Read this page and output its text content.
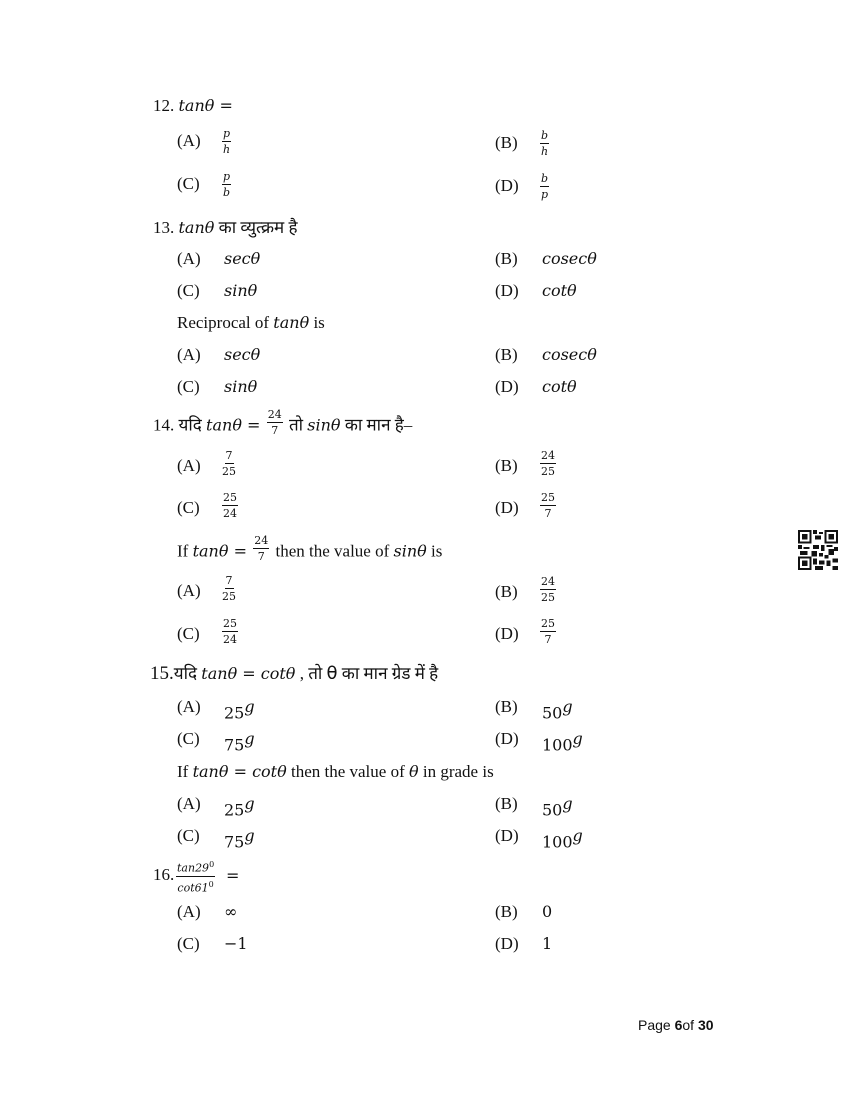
12. tanθ =
$(A) \frac{p}{h}$	$(B) \frac{b}{h}$
$(C) \frac{p}{b}$	$(D) \frac{b}{p}$
13. tanθ का व्युत्क्रम है
(A) secθ	(B) cosecθ
(C) sinθ	(D) cotθ
Reciprocal of tanθ is
(A) secθ	(B) cosecθ
(C) sinθ	(D) cotθ
14. यदि $\tan\theta = \frac{24}{7}$ तो sinθ का मान है–
$(A) \frac{7}{25}$	$(B) \frac{24}{25}$
$(C) \frac{25}{24}$	$(D) \frac{25}{7}$
If $\tan\theta = \frac{24}{7}$ then the value of sinθ is
$(A) \frac{7}{25}$	$(B) \frac{24}{25}$
$(C) \frac{25}{24}$	$(D) \frac{25}{7}$
15.यदि tanθ = cotθ , तो θ का मान ग्रेड में है
(A) 25$^g$	(B) 50$^g$
(C) 75$^g$	(D) 100$^g$
If tanθ = cotθ then the value of θ in grade is
(A) 25$^g$	(B) 50$^g$
(C) 75$^g$	(D) 100$^g$
16. $\frac{\tan 29^0}{\cot 61^0}$ =
(A) ∞	(B) 0
(C) −1	(D) 1
Page 6of 30
